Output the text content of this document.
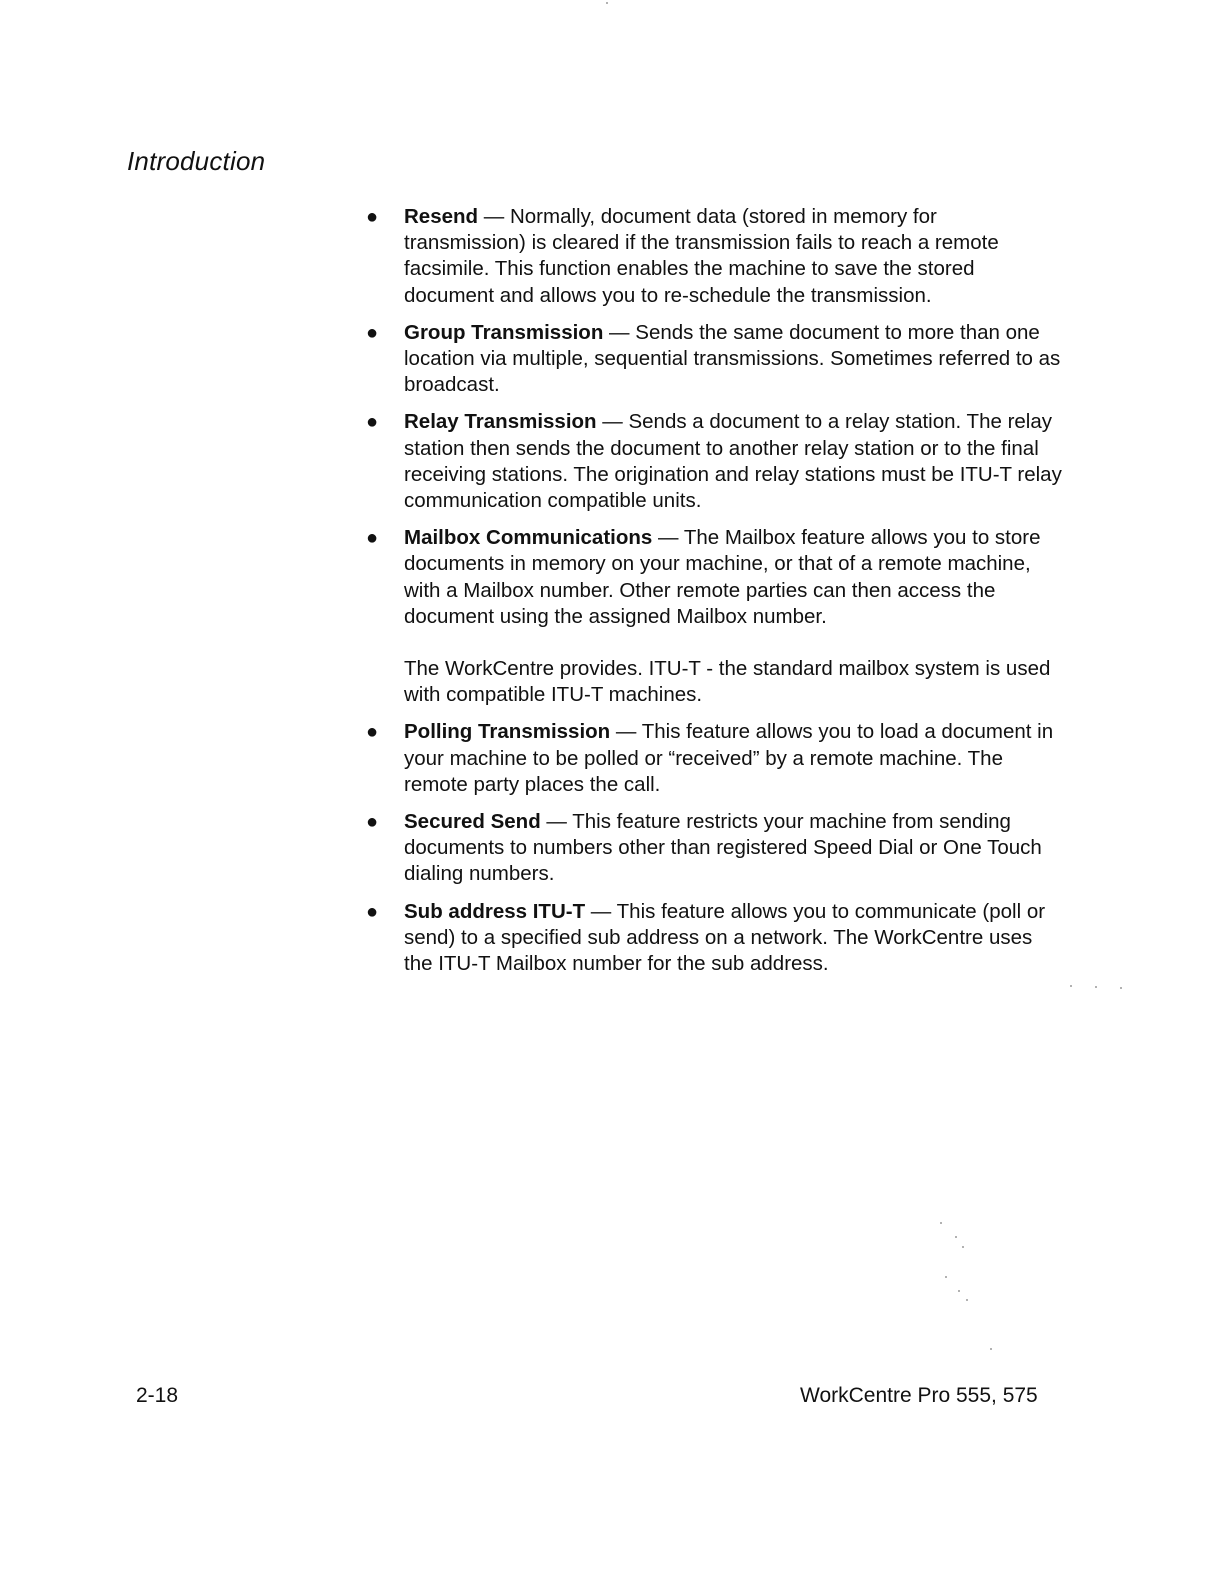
Introduction
● Resend — Normally, document data (stored in memory for transmission) is cleared if the transmission fails to reach a remote facsimile. This function enables the machine to save the stored document and allows you to re-schedule the transmission.
● Group Transmission — Sends the same document to more than one location via multiple, sequential transmissions. Sometimes referred to as broadcast.
● Relay Transmission — Sends a document to a relay station. The relay station then sends the document to another relay station or to the final receiving stations. The origination and relay stations must be ITU-T relay communication compatible units.
● Mailbox Communications — The Mailbox feature allows you to store documents in memory on your machine, or that of a remote machine, with a Mailbox number. Other remote parties can then access the document using the assigned Mailbox number.

The WorkCentre provides. ITU-T - the standard mailbox system is used with compatible ITU-T machines.

● Polling Transmission — This feature allows you to load a document in your machine to be polled or “received” by a remote machine. The remote party places the call.
● Secured Send — This feature restricts your machine from sending documents to numbers other than registered Speed Dial or One Touch dialing numbers.
● Sub address ITU-T — This feature allows you to communicate (poll or send) to a specified sub address on a network. The WorkCentre uses the ITU-T Mailbox number for the sub address.
2-18	WorkCentre Pro 555, 575
